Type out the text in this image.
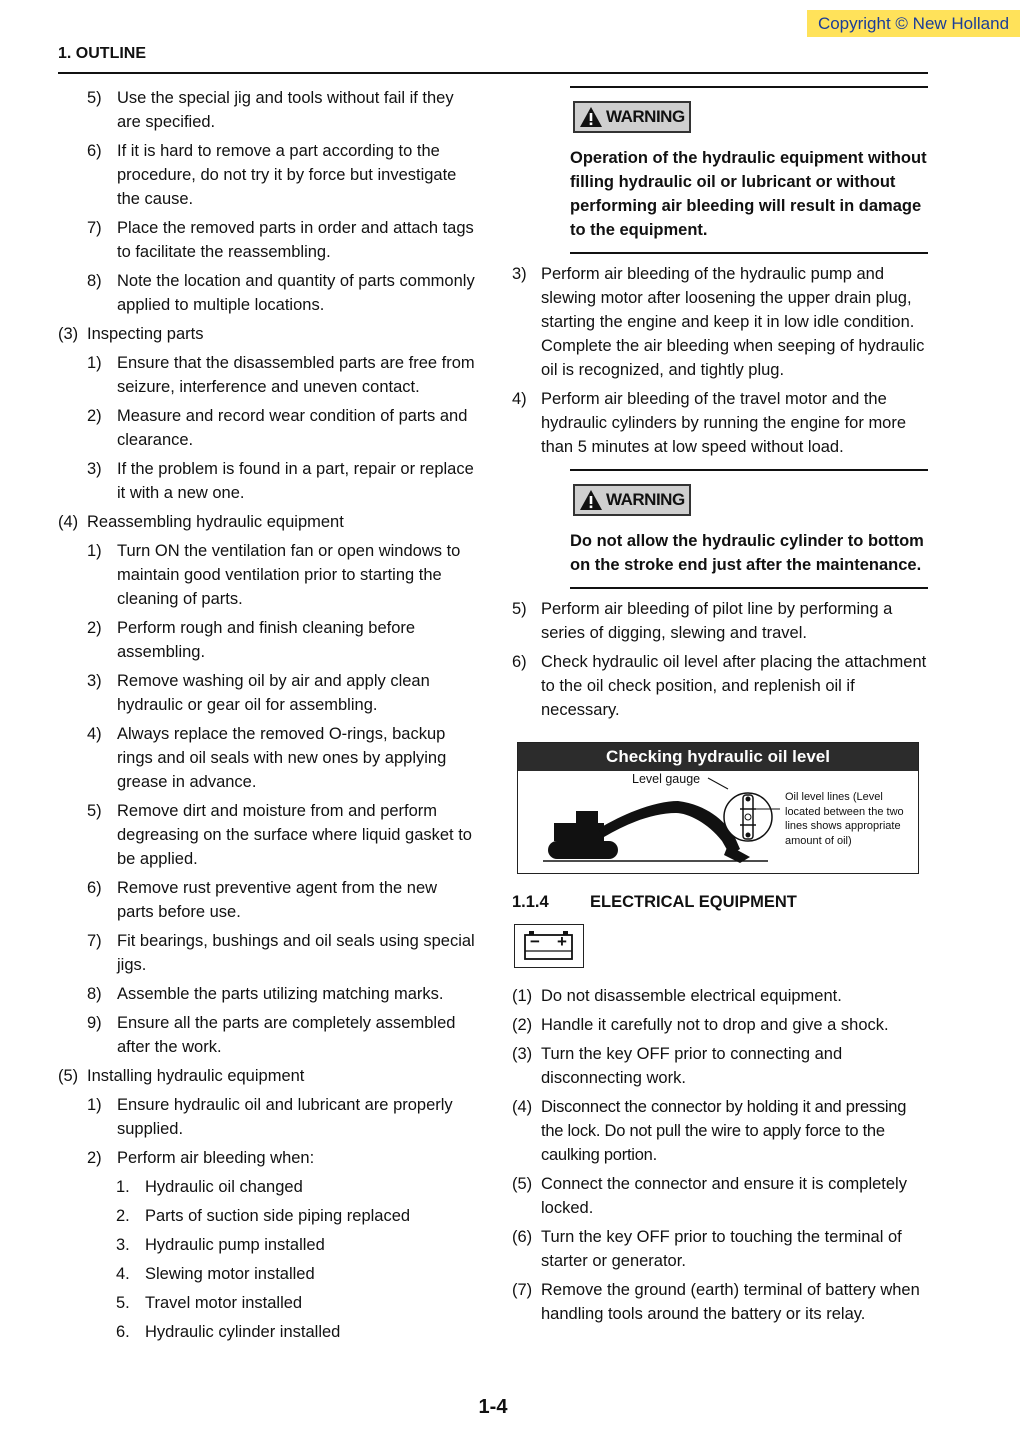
Copyright © New Holland
1. OUTLINE
5) Use the special jig and tools without fail if they are specified.
6) If it is hard to remove a part according to the procedure, do not try it by force but investigate the cause.
7) Place the removed parts in order and attach tags to facilitate the reassembling.
8) Note the location and quantity of parts commonly applied to multiple locations.
(3) Inspecting parts
1) Ensure that the disassembled parts are free from seizure, interference and uneven contact.
2) Measure and record wear condition of parts and clearance.
3) If the problem is found in a part, repair or replace it with a new one.
(4) Reassembling hydraulic equipment
1) Turn ON the ventilation fan or open windows to maintain good ventilation prior to starting the cleaning of parts.
2) Perform rough and finish cleaning before assembling.
3) Remove washing oil by air and apply clean hydraulic or gear oil for assembling.
4) Always replace the removed O-rings, backup rings and oil seals with new ones by applying grease in advance.
5) Remove dirt and moisture from and perform degreasing on the surface where liquid gasket to be applied.
6) Remove rust preventive agent from the new parts before use.
7) Fit bearings, bushings and oil seals using special jigs.
8) Assemble the parts utilizing matching marks.
9) Ensure all the parts are completely assembled after the work.
(5) Installing hydraulic equipment
1) Ensure hydraulic oil and lubricant are properly supplied.
2) Perform air bleeding when:
1. Hydraulic oil changed
2. Parts of suction side piping replaced
3. Hydraulic pump installed
4. Slewing motor installed
5. Travel motor installed
6. Hydraulic cylinder installed
WARNING
Operation of the hydraulic equipment without filling hydraulic oil or lubricant or without performing air bleeding will result in damage to the equipment.
3) Perform air bleeding of the hydraulic pump and slewing motor after loosening the upper drain plug, starting the engine and keep it in low idle condition.
Complete the air bleeding when seeping of hydraulic oil is recognized, and tightly plug.
4) Perform air bleeding of the travel motor and the hydraulic cylinders by running the engine for more than 5 minutes at low speed without load.
WARNING
Do not allow the hydraulic cylinder to bottom on the stroke end just after the maintenance.
5) Perform air bleeding of pilot line by performing a series of digging, slewing and travel.
6) Check hydraulic oil level after placing the attachment to the oil check position, and replenish oil if necessary.
Checking hydraulic oil level
Level gauge
Oil level lines (Level located between the two lines shows appropriate amount of oil)
1.1.4	ELECTRICAL EQUIPMENT
− +
(1) Do not disassemble electrical equipment.
(2) Handle it carefully not to drop and give a shock.
(3) Turn the key OFF prior to connecting and disconnecting work.
(4) Disconnect the connector by holding it and pressing the lock. Do not pull the wire to apply force to the caulking portion.
(5) Connect the connector and ensure it is completely locked.
(6) Turn the key OFF prior to touching the terminal of starter or generator.
(7) Remove the ground (earth) terminal of battery when handling tools around the battery or its relay.
1-4
